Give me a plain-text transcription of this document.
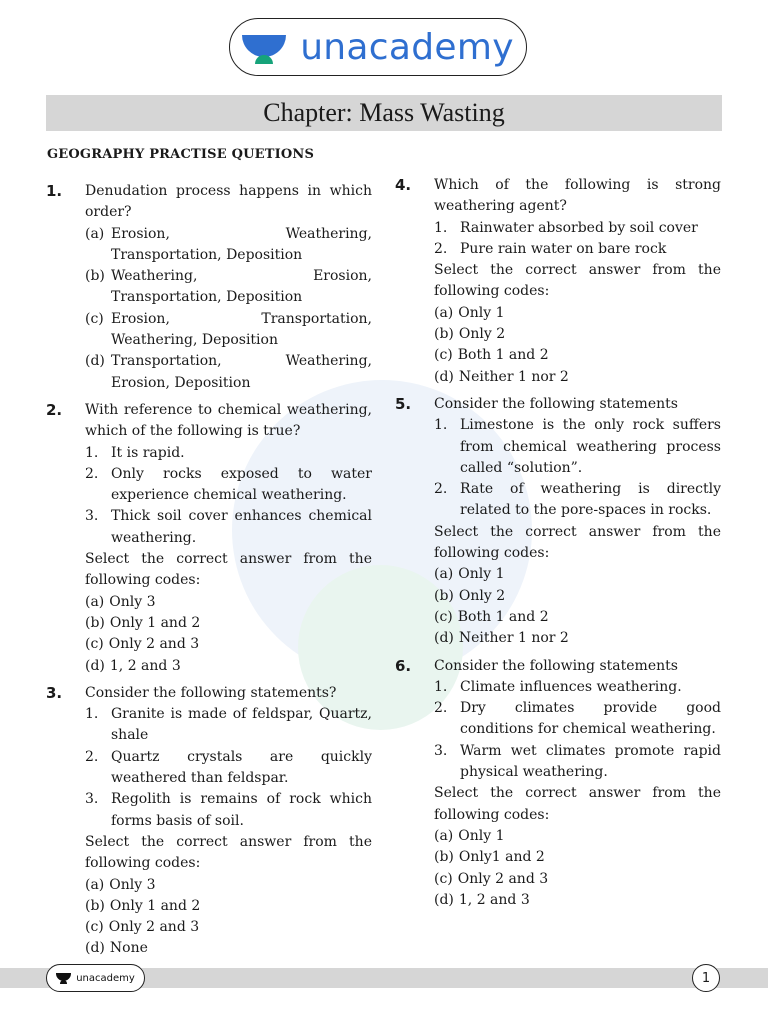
unacademy
Chapter: Mass Wasting
GEOGRAPHY PRACTISE QUETIONS
1. Denudation process happens in which order?

(a) Erosion, Weathering, Transportation, Deposition
(b) Weathering, Erosion, Transportation, Deposition
(c) Erosion, Transportation, Weathering, Deposition
(d) Transportation, Weathering, Erosion, Deposition
2. With reference to chemical weathering, which of the following is true?

1. It is rapid.
2. Only rocks exposed to water experience chemical weathering.
3. Thick soil cover enhances chemical weathering.

Select the correct answer from the following codes:

(a) Only 3
(b) Only 1 and 2
(c) Only 2 and 3
(d) 1, 2 and 3
3. Consider the following statements?

1. Granite is made of feldspar, Quartz, shale
2. Quartz crystals are quickly weathered than feldspar.
3. Regolith is remains of rock which forms basis of soil.

Select the correct answer from the following codes:

(a) Only 3
(b) Only 1 and 2
(c) Only 2 and 3
(d) None
4. Which of the following is strong weathering agent?

1. Rainwater absorbed by soil cover
2. Pure rain water on bare rock

Select the correct answer from the following codes:

(a) Only 1
(b) Only 2
(c) Both 1 and 2
(d) Neither 1 nor 2
5. Consider the following statements

1. Limestone is the only rock suffers from chemical weathering process called “solution”.
2. Rate of weathering is directly related to the pore-spaces in rocks.

Select the correct answer from the following codes:

(a) Only 1
(b) Only 2
(c) Both 1 and 2
(d) Neither 1 nor 2
6. Consider the following statements

1. Climate influences weathering.
2. Dry climates provide good conditions for chemical weathering.
3. Warm wet climates promote rapid physical weathering.

Select the correct answer from the following codes:

(a) Only 1
(b) Only1 and 2
(c) Only 2 and 3
(d) 1, 2 and 3
unacademy	1
